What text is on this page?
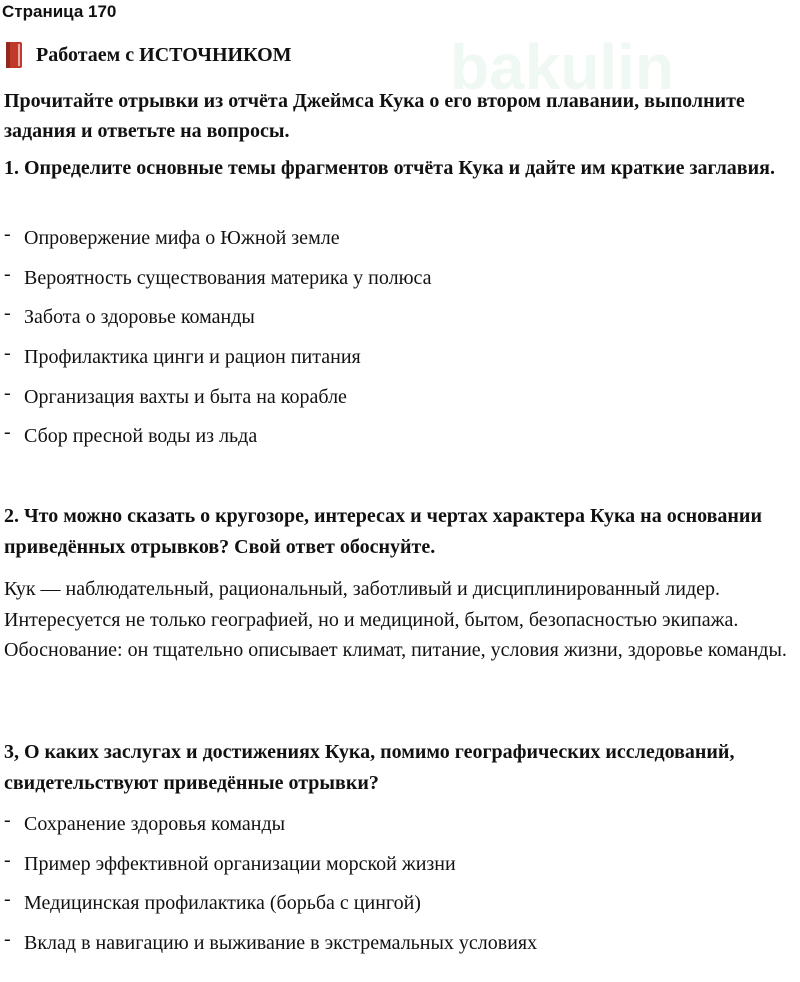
bakulin
Страница 170
Работаем с ИСТОЧНИКОМ
Прочитайте отрывки из отчёта Джеймса Кука о его втором плавании, выполните задания и ответьте на вопросы.
1. Определите основные темы фрагментов отчёта Кука и дайте им краткие заглавия.
- Опровержение мифа о Южной земле
- Вероятность существования материка у полюса
- Забота о здоровье команды
- Профилактика цинги и рацион питания
- Организация вахты и быта на корабле
- Сбор пресной воды из льда
2. Что можно сказать о кругозоре, интересах и чертах характера Кука на основании приведённых отрывков? Свой ответ обоснуйте.
Кук — наблюдательный, рациональный, заботливый и дисциплинированный лидер. Интересуется не только географией, но и медициной, бытом, безопасностью экипажа. Обоснование: он тщательно описывает климат, питание, условия жизни, здоровье команды.
3, О каких заслугах и достижениях Кука, помимо географических исследований, свидетельствуют приведённые отрывки?
- Сохранение здоровья команды
- Пример эффективной организации морской жизни
- Медицинская профилактика (борьба с цингой)
- Вклад в навигацию и выживание в экстремальных условиях
